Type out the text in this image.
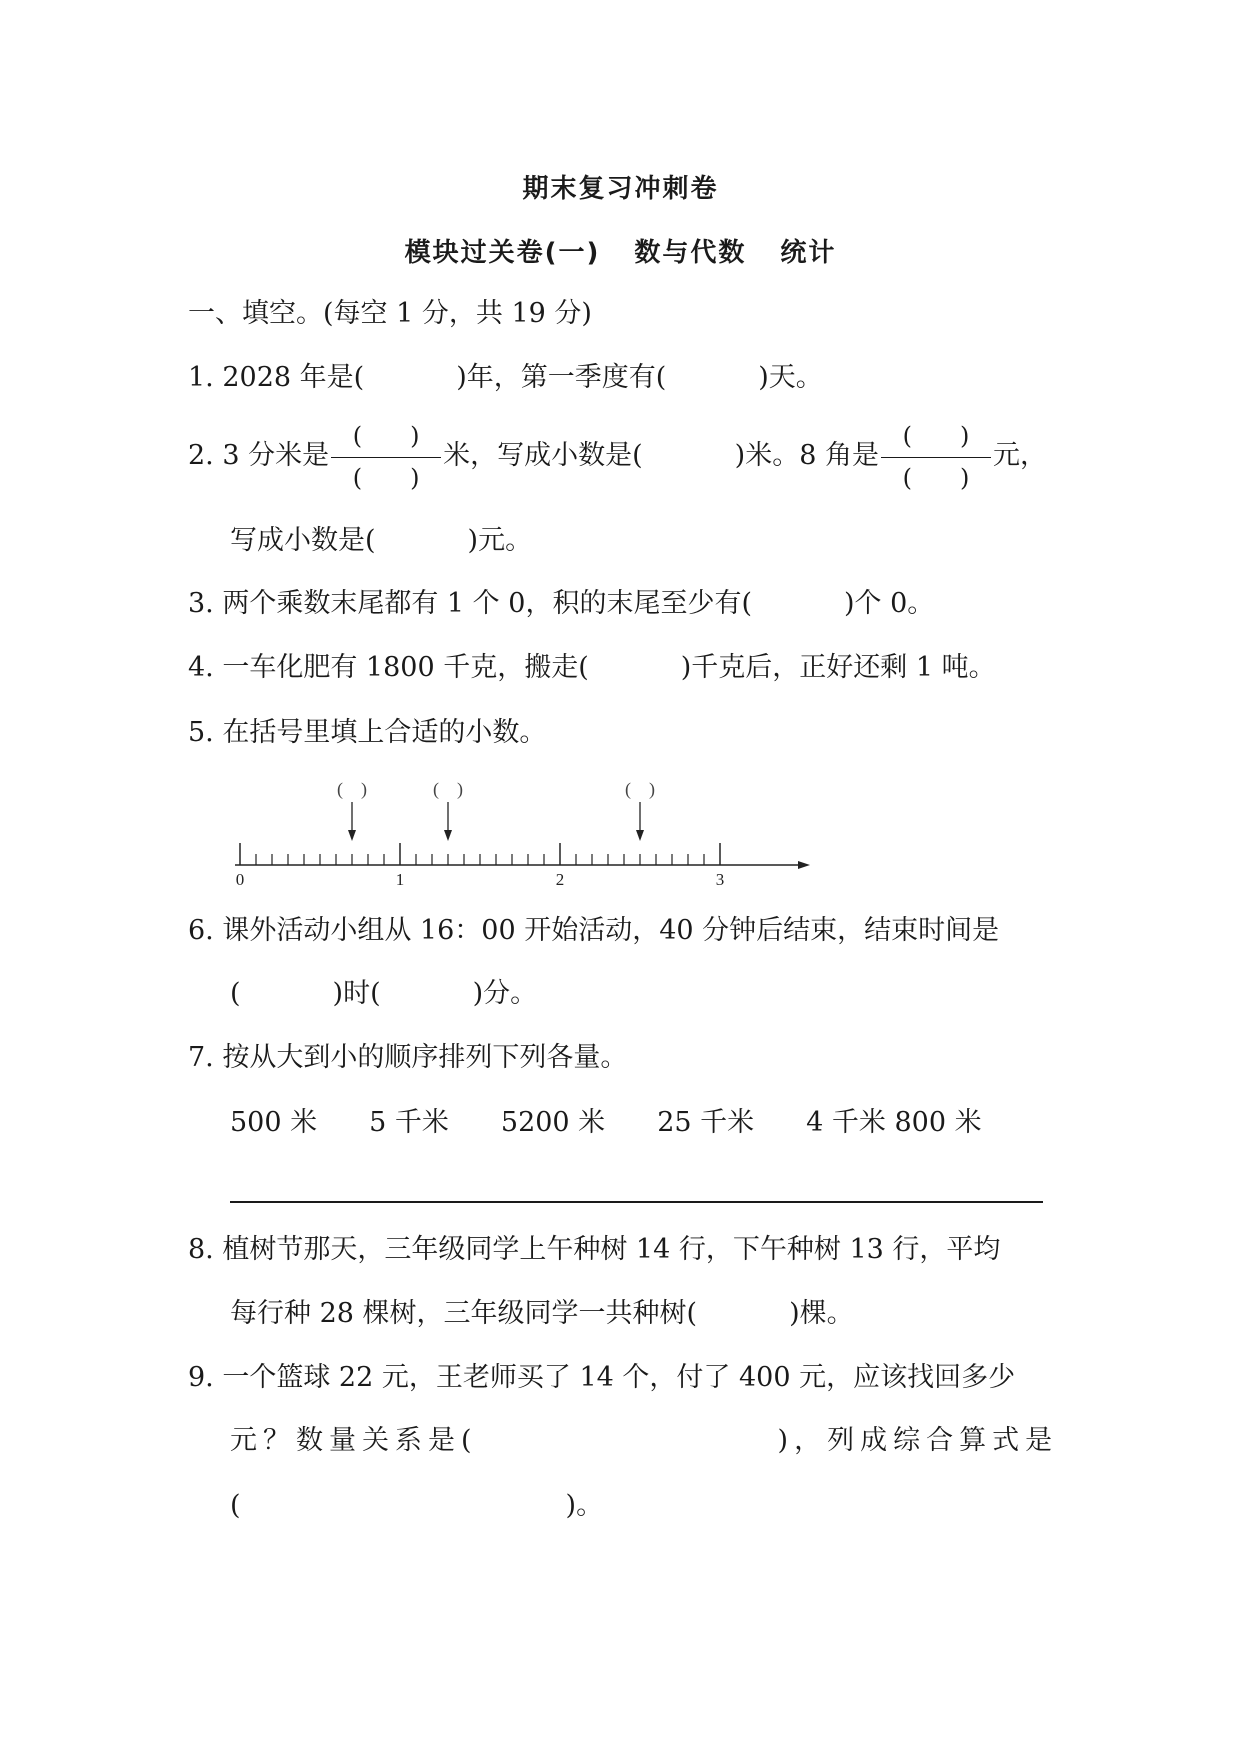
期末复习冲刺卷
模块过关卷(一) 数与代数 统计
一、填空。(每空 1 分，共 19 分)
1. 2028 年是(	)年，第一季度有(	)天。
2. 3 分米是 $\frac{( )}{( )}$ 米，写成小数是(	)米。8 角是 $\frac{( )}{( )}$ 元，
写成小数是(	)元。
3. 两个乘数末尾都有 1 个 0，积的末尾至少有(	)个 0。
4. 一车化肥有 1800 千克，搬走(	)千克后，正好还剩 1 吨。
5. 在括号里填上合适的小数。
0	1	2	3
(　)	(　)	(　)
6. 课外活动小组从 16：00 开始活动，40 分钟后结束，结束时间是
(	)时(	)分。
7. 按从大到小的顺序排列下列各量。
500 米 5 千米 5200 米 25 千米 4 千米 800 米
8. 植树节那天，三年级同学上午种树 14 行，下午种树 13 行，平均
每行种 28 棵树，三年级同学一共种树(	)棵。
9. 一个篮球 22 元，王老师买了 14 个，付了 400 元，应该找回多少
元？数量关系是(	)，列成综合算式是
(	)。
